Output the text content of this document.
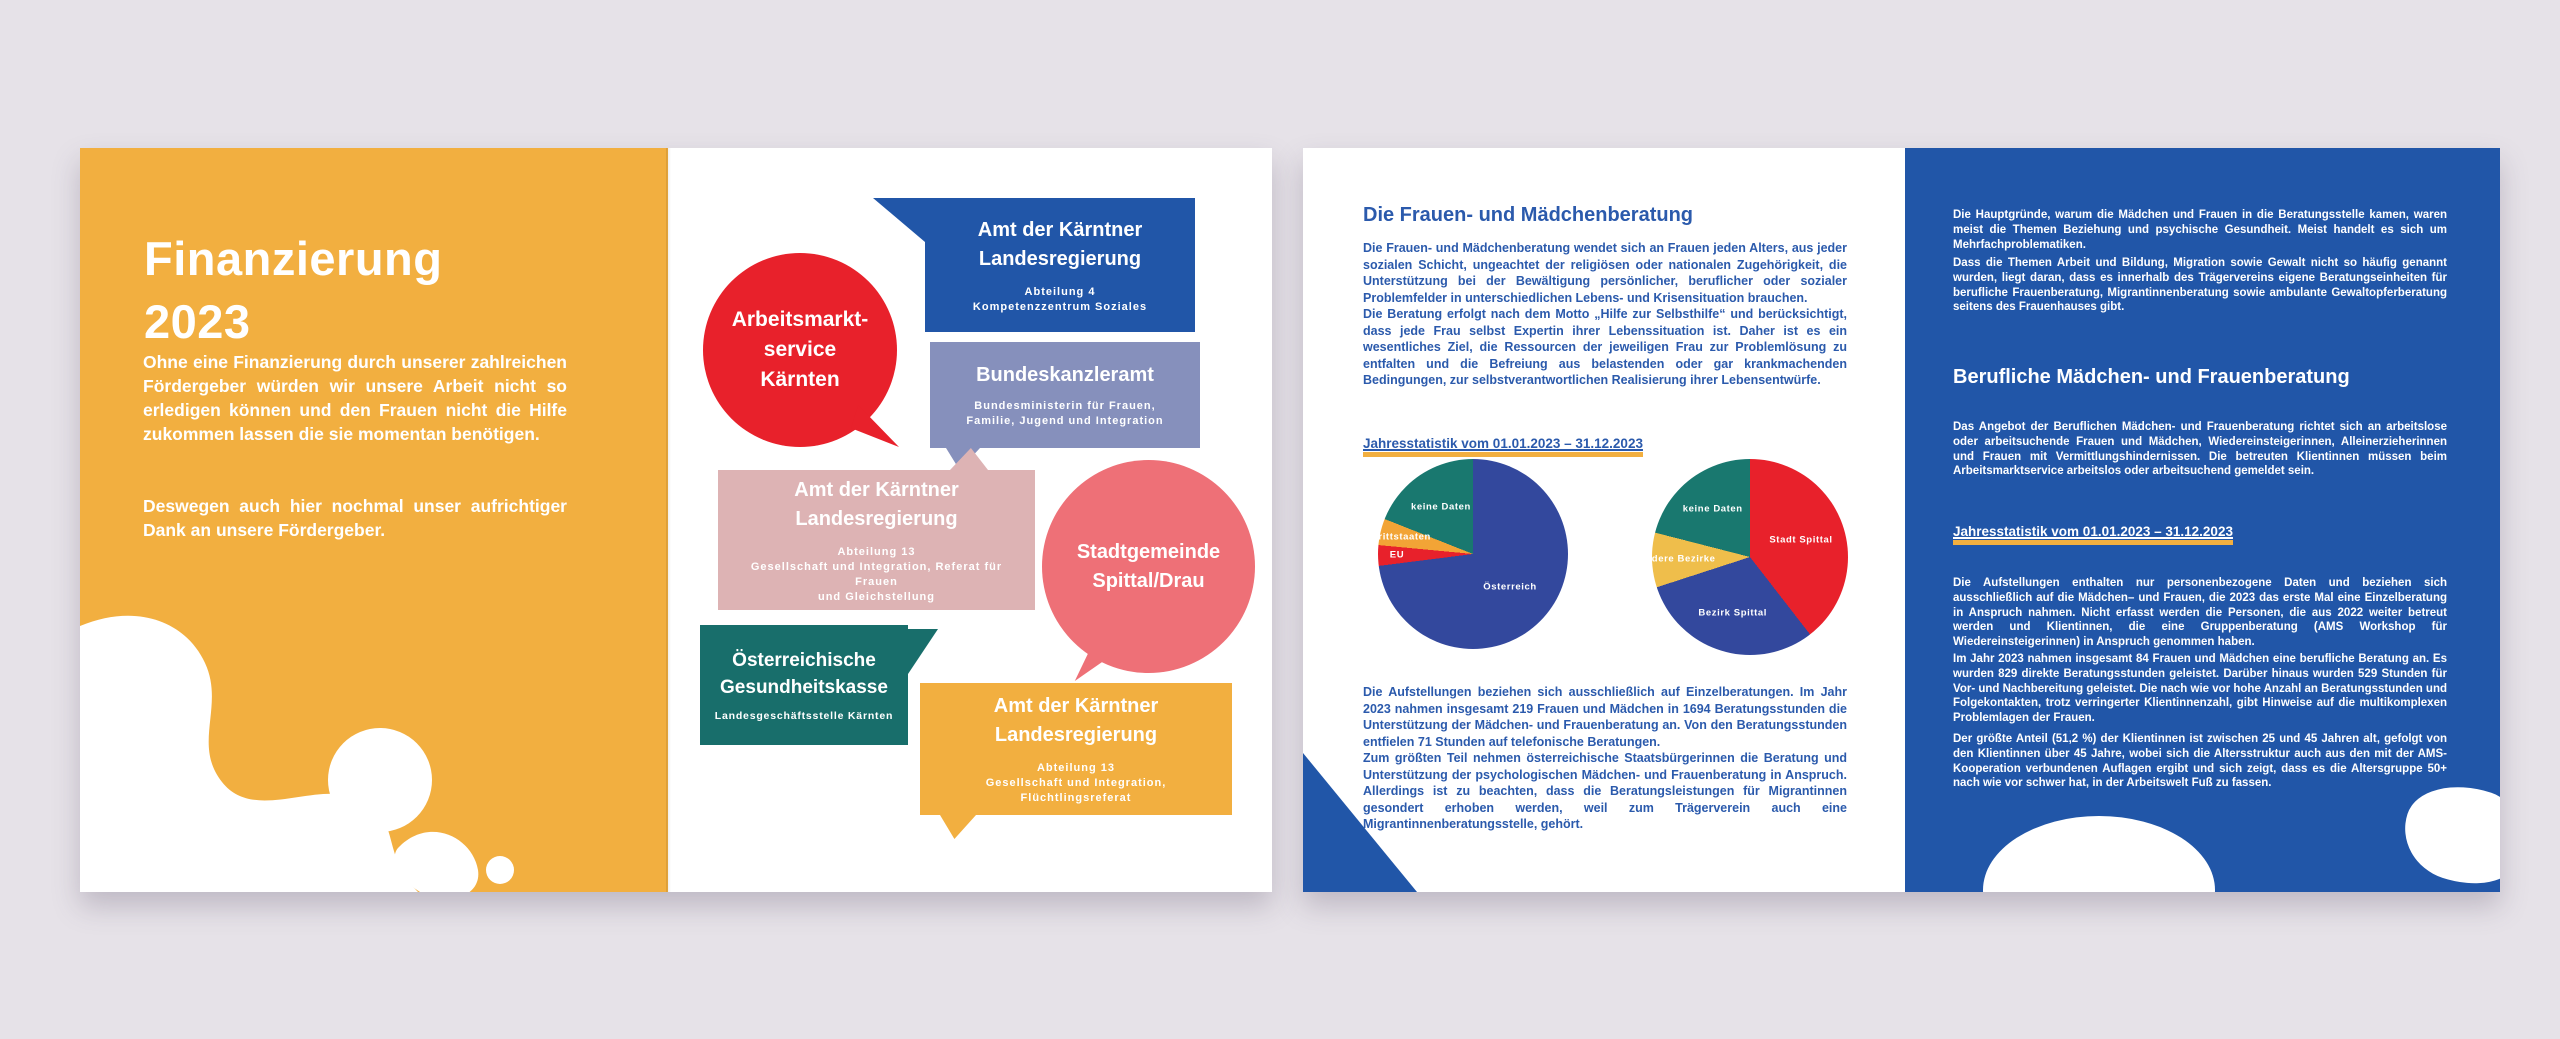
Finanzierung
2023

Ohne eine Finanzierung durch unserer zahlreichen Fördergeber würden wir unsere Arbeit nicht so erledigen können und den Frauen nicht die Hilfe zukommen lassen die sie momentan benötigen.

Deswegen auch hier nochmal unser aufrichtiger Dank an unsere Fördergeber.

Amt der Kärntner
Landesregierung
Abteilung 4
Kompetenzzentrum Soziales
Arbeitsmarkt-
service
Kärnten	Bundeskanzleramt
Bundesministerin für Frauen,
Familie, Jugend und Integration
Amt der Kärntner
Landesregierung
Abteilung 13
Gesellschaft und Integration, Referat für Frauen
und Gleichstellung
Stadtgemeinde
Spittal/Drau
Österreichische
Gesundheitskasse
Landesgeschäftsstelle Kärnten	Amt der Kärntner
Landesregierung
Abteilung 13
Gesellschaft und Integration, Flüchtlingsreferat
Die Frauen- und Mädchenberatung

Die Frauen- und Mädchenberatung wendet sich an Frauen jeden Alters, aus jeder sozialen Schicht, ungeachtet der religiösen oder nationalen Zugehörigkeit, die Unterstützung bei der Bewältigung persönlicher, beruflicher oder sozialer Problemfelder in unterschiedlichen Lebens- und Krisensituation brauchen.
Die Beratung erfolgt nach dem Motto „Hilfe zur Selbsthilfe“ und berücksichtigt, dass jede Frau selbst Expertin ihrer Lebenssituation ist. Daher ist es ein wesentliches Ziel, die Ressourcen der jeweiligen Frau zur Problemlösung zu entfalten und die Befreiung aus belastenden oder gar krankmachenden Bedingungen, zur selbstverantwortlichen Realisierung ihrer Lebensentwürfe.

Jahresstatistik vom 01.01.2023 – 31.12.2023
Österreich
EU
Drittstaaten
keine Daten
Stadt Spittal
Bezirk Spittal
andere Bezirke
keine Daten

Die Aufstellungen beziehen sich ausschließlich auf Einzelberatungen. Im Jahr 2023 nahmen insgesamt 219 Frauen und Mädchen in 1694 Beratungsstunden die Unterstützung der Mädchen- und Frauenberatung an. Von den Beratungsstunden entfielen 71 Stunden auf telefonische Beratungen.
Zum größten Teil nehmen österreichische Staatsbürgerinnen die Beratung und Unterstützung der psychologischen Mädchen- und Frauenberatung in Anspruch. Allerdings ist zu beachten, dass die Beratungsleistungen für Migrantinnen gesondert erhoben werden, weil zum Trägerverein auch eine Migrantinnenberatungsstelle, gehört.

Die Hauptgründe, warum die Mädchen und Frauen in die Beratungsstelle kamen, waren meist die Themen Beziehung und psychische Gesundheit. Meist handelt es sich um Mehrfachproblematiken.

Dass die Themen Arbeit und Bildung, Migration sowie Gewalt nicht so häufig genannt wurden, liegt daran, dass es innerhalb des Trägervereins eigene Beratungseinheiten für berufliche Frauenberatung, Migrantinnenberatung sowie ambulante Gewaltopferberatung seitens des Frauenhauses gibt.

Berufliche Mädchen- und Frauenberatung

Das Angebot der Beruflichen Mädchen- und Frauenberatung richtet sich an arbeitslose oder arbeitsuchende Frauen und Mädchen, Wiedereinsteigerinnen, Alleinerzieherinnen und Frauen mit Vermittlungshindernissen. Die betreuten Klientinnen müssen beim Arbeitsmarktservice arbeitslos oder arbeitsuchend gemeldet sein.

Jahresstatistik vom 01.01.2023 – 31.12.2023

Die Aufstellungen enthalten nur personenbezogene Daten und beziehen sich ausschließlich auf die Mädchen– und Frauen, die 2023 das erste Mal eine Einzelberatung in Anspruch nahmen. Nicht erfasst werden die Personen, die aus 2022 weiter betreut werden und Klientinnen, die eine Gruppenberatung (AMS Workshop für Wiedereinsteigerinnen) in Anspruch genommen haben.

Im Jahr 2023 nahmen insgesamt 84 Frauen und Mädchen eine berufliche Beratung an. Es wurden 829 direkte Beratungsstunden geleistet. Darüber hinaus wurden 529 Stunden für Vor- und Nachbereitung geleistet. Die nach wie vor hohe Anzahl an Beratungsstunden und Folgekontakten, trotz verringerter Klientinnenzahl, gibt Hinweise auf die multikomplexen Problemlagen der Frauen.

Der größte Anteil (51,2 %) der Klientinnen ist zwischen 25 und 45 Jahren alt, gefolgt von den Klientinnen über 45 Jahre, wobei sich die Altersstruktur auch aus den mit der AMS-Kooperation verbundenen Auflagen ergibt und sich zeigt, dass es die Altersgruppe 50+ nach wie vor schwer hat, in der Arbeitswelt Fuß zu fassen.
